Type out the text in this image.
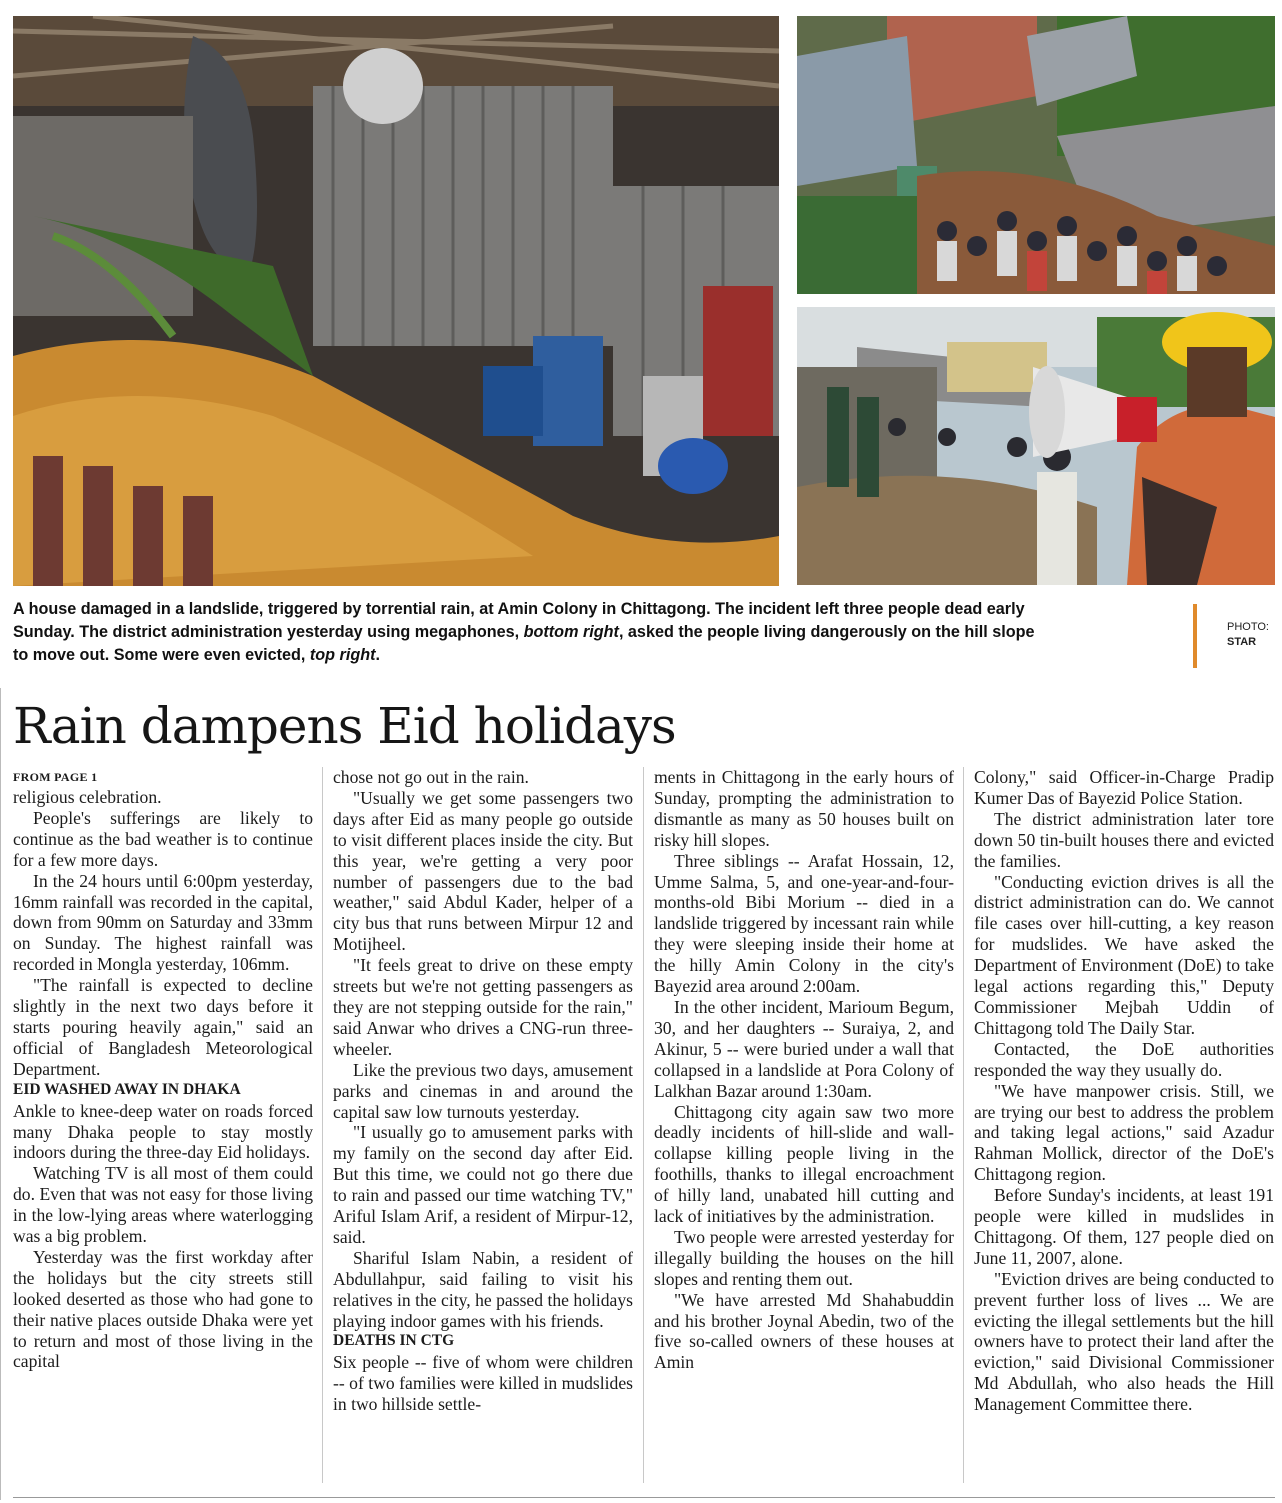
A house damaged in a landslide, triggered by torrential rain, at Amin Colony in Chittagong. The incident left three people dead early Sunday. The district administration yesterday using megaphones, bottom right, asked the people living dangerously on the hill slope to move out. Some were even evicted, top right.
PHOTO:
STAR
Rain dampens Eid holidays
FROM PAGE 1

religious celebration.

People's sufferings are likely to continue as the bad weather is to continue for a few more days.

In the 24 hours until 6:00pm yesterday, 16mm rainfall was recorded in the capital, down from 90mm on Saturday and 33mm on Sunday. The highest rainfall was recorded in Mongla yesterday, 106mm.

"The rainfall is expected to decline slightly in the next two days before it starts pouring heavily again," said an official of Bangladesh Meteorological Department.

EID WASHED AWAY IN DHAKA

Ankle to knee-deep water on roads forced many Dhaka people to stay mostly indoors during the three-day Eid holidays.

Watching TV is all most of them could do. Even that was not easy for those living in the low-lying areas where waterlogging was a big problem.

Yesterday was the first workday after the holidays but the city streets still looked deserted as those who had gone to their native places outside Dhaka were yet to return and most of those living in the capital

chose not go out in the rain.

"Usually we get some passengers two days after Eid as many people go outside to visit different places inside the city. But this year, we're getting a very poor number of passengers due to the bad weather," said Abdul Kader, helper of a city bus that runs between Mirpur 12 and Motijheel.

"It feels great to drive on these empty streets but we're not getting passengers as they are not stepping outside for the rain," said Anwar who drives a CNG-run three-wheeler.

Like the previous two days, amusement parks and cinemas in and around the capital saw low turnouts yesterday.

"I usually go to amusement parks with my family on the second day after Eid. But this time, we could not go there due to rain and passed our time watching TV," Ariful Islam Arif, a resident of Mirpur-12, said.

Shariful Islam Nabin, a resident of Abdullahpur, said failing to visit his relatives in the city, he passed the holidays playing indoor games with his friends.

DEATHS IN CTG

Six people -- five of whom were children -- of two families were killed in mudslides in two hillside settle-

ments in Chittagong in the early hours of Sunday, prompting the administration to dismantle as many as 50 houses built on risky hill slopes.

Three siblings -- Arafat Hossain, 12, Umme Salma, 5, and one-year-and-four-months-old Bibi Morium -- died in a landslide triggered by incessant rain while they were sleeping inside their home at the hilly Amin Colony in the city's Bayezid area around 2:00am.

In the other incident, Marioum Begum, 30, and her daughters -- Suraiya, 2, and Akinur, 5 -- were buried under a wall that collapsed in a landslide at Pora Colony of Lalkhan Bazar around 1:30am.

Chittagong city again saw two more deadly incidents of hill-slide and wall-collapse killing people living in the foothills, thanks to illegal encroachment of hilly land, unabated hill cutting and lack of initiatives by the administration.

Two people were arrested yesterday for illegally building the houses on the hill slopes and renting them out.

"We have arrested Md Shahabuddin and his brother Joynal Abedin, two of the five so-called owners of these houses at Amin

Colony," said Officer-in-Charge Pradip Kumer Das of Bayezid Police Station.

The district administration later tore down 50 tin-built houses there and evicted the families.

"Conducting eviction drives is all the district administration can do. We cannot file cases over hill-cutting, a key reason for mudslides. We have asked the Department of Environment (DoE) to take legal actions regarding this," Deputy Commissioner Mejbah Uddin of Chittagong told The Daily Star.

Contacted, the DoE authorities responded the way they usually do.

"We have manpower crisis. Still, we are trying our best to address the problem and taking legal actions," said Azadur Rahman Mollick, director of the DoE's Chittagong region.

Before Sunday's incidents, at least 191 people were killed in mudslides in Chittagong. Of them, 127 people died on June 11, 2007, alone.

"Eviction drives are being conducted to prevent further loss of lives ... We are evicting the illegal settlements but the hill owners have to protect their land after the eviction," said Divisional Commissioner Md Abdullah, who also heads the Hill Management Committee there.
